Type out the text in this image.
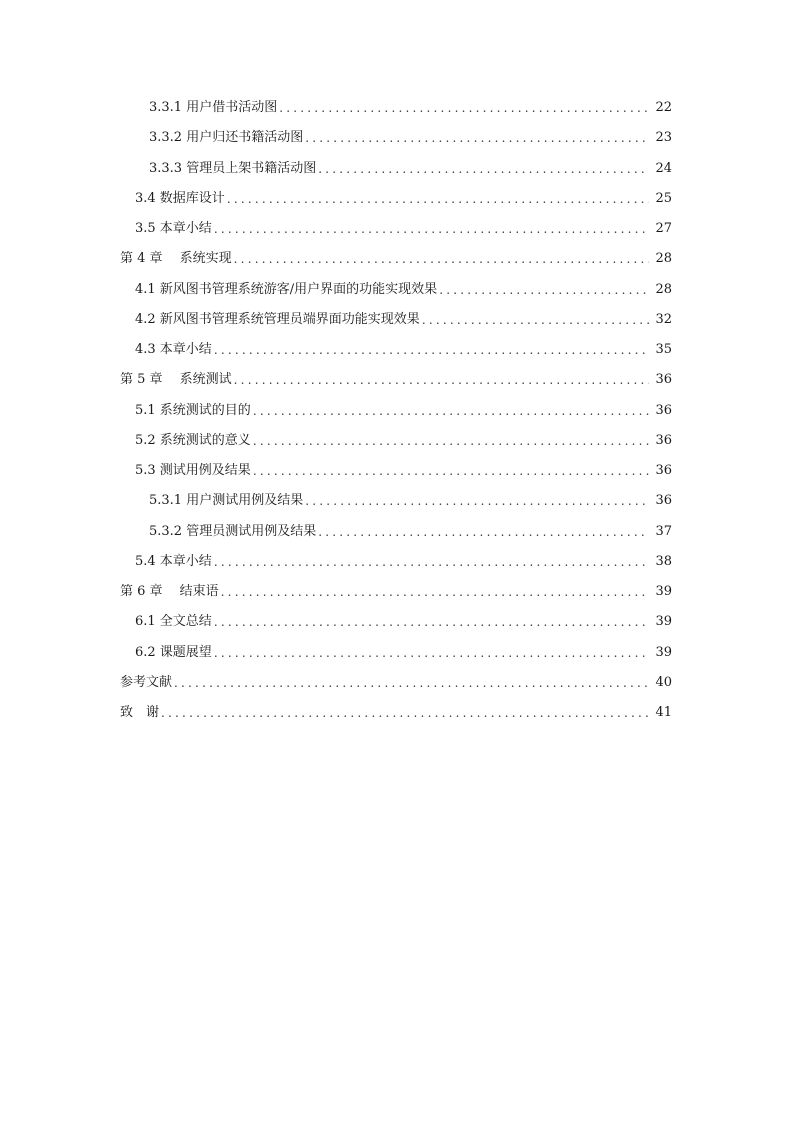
3.3.1 用户借书活动图 .....	22
3.3.2 用户归还书籍活动图 .....	23
3.3.3 管理员上架书籍活动图 .....	24
3.4 数据库设计 .....	25
3.5 本章小结 .....	27
第 4 章　 系统实现 .....	28
4.1 新风图书管理系统游客/用户界面的功能实现效果 .....	28
4.2 新风图书管理系统管理员端界面功能实现效果 .....	32
4.3 本章小结 .....	35
第 5 章　 系统测试 .....	36
5.1 系统测试的目的 .....	36
5.2 系统测试的意义 .....	36
5.3 测试用例及结果 .....	36
5.3.1 用户测试用例及结果 .....	36
5.3.2 管理员测试用例及结果 .....	37
5.4 本章小结 .....	38
第 6 章　 结束语 .....	39
6.1 全文总结 .....	39
6.2 课题展望 .....	39
参考文献 .....	40
致　谢 .....	41
